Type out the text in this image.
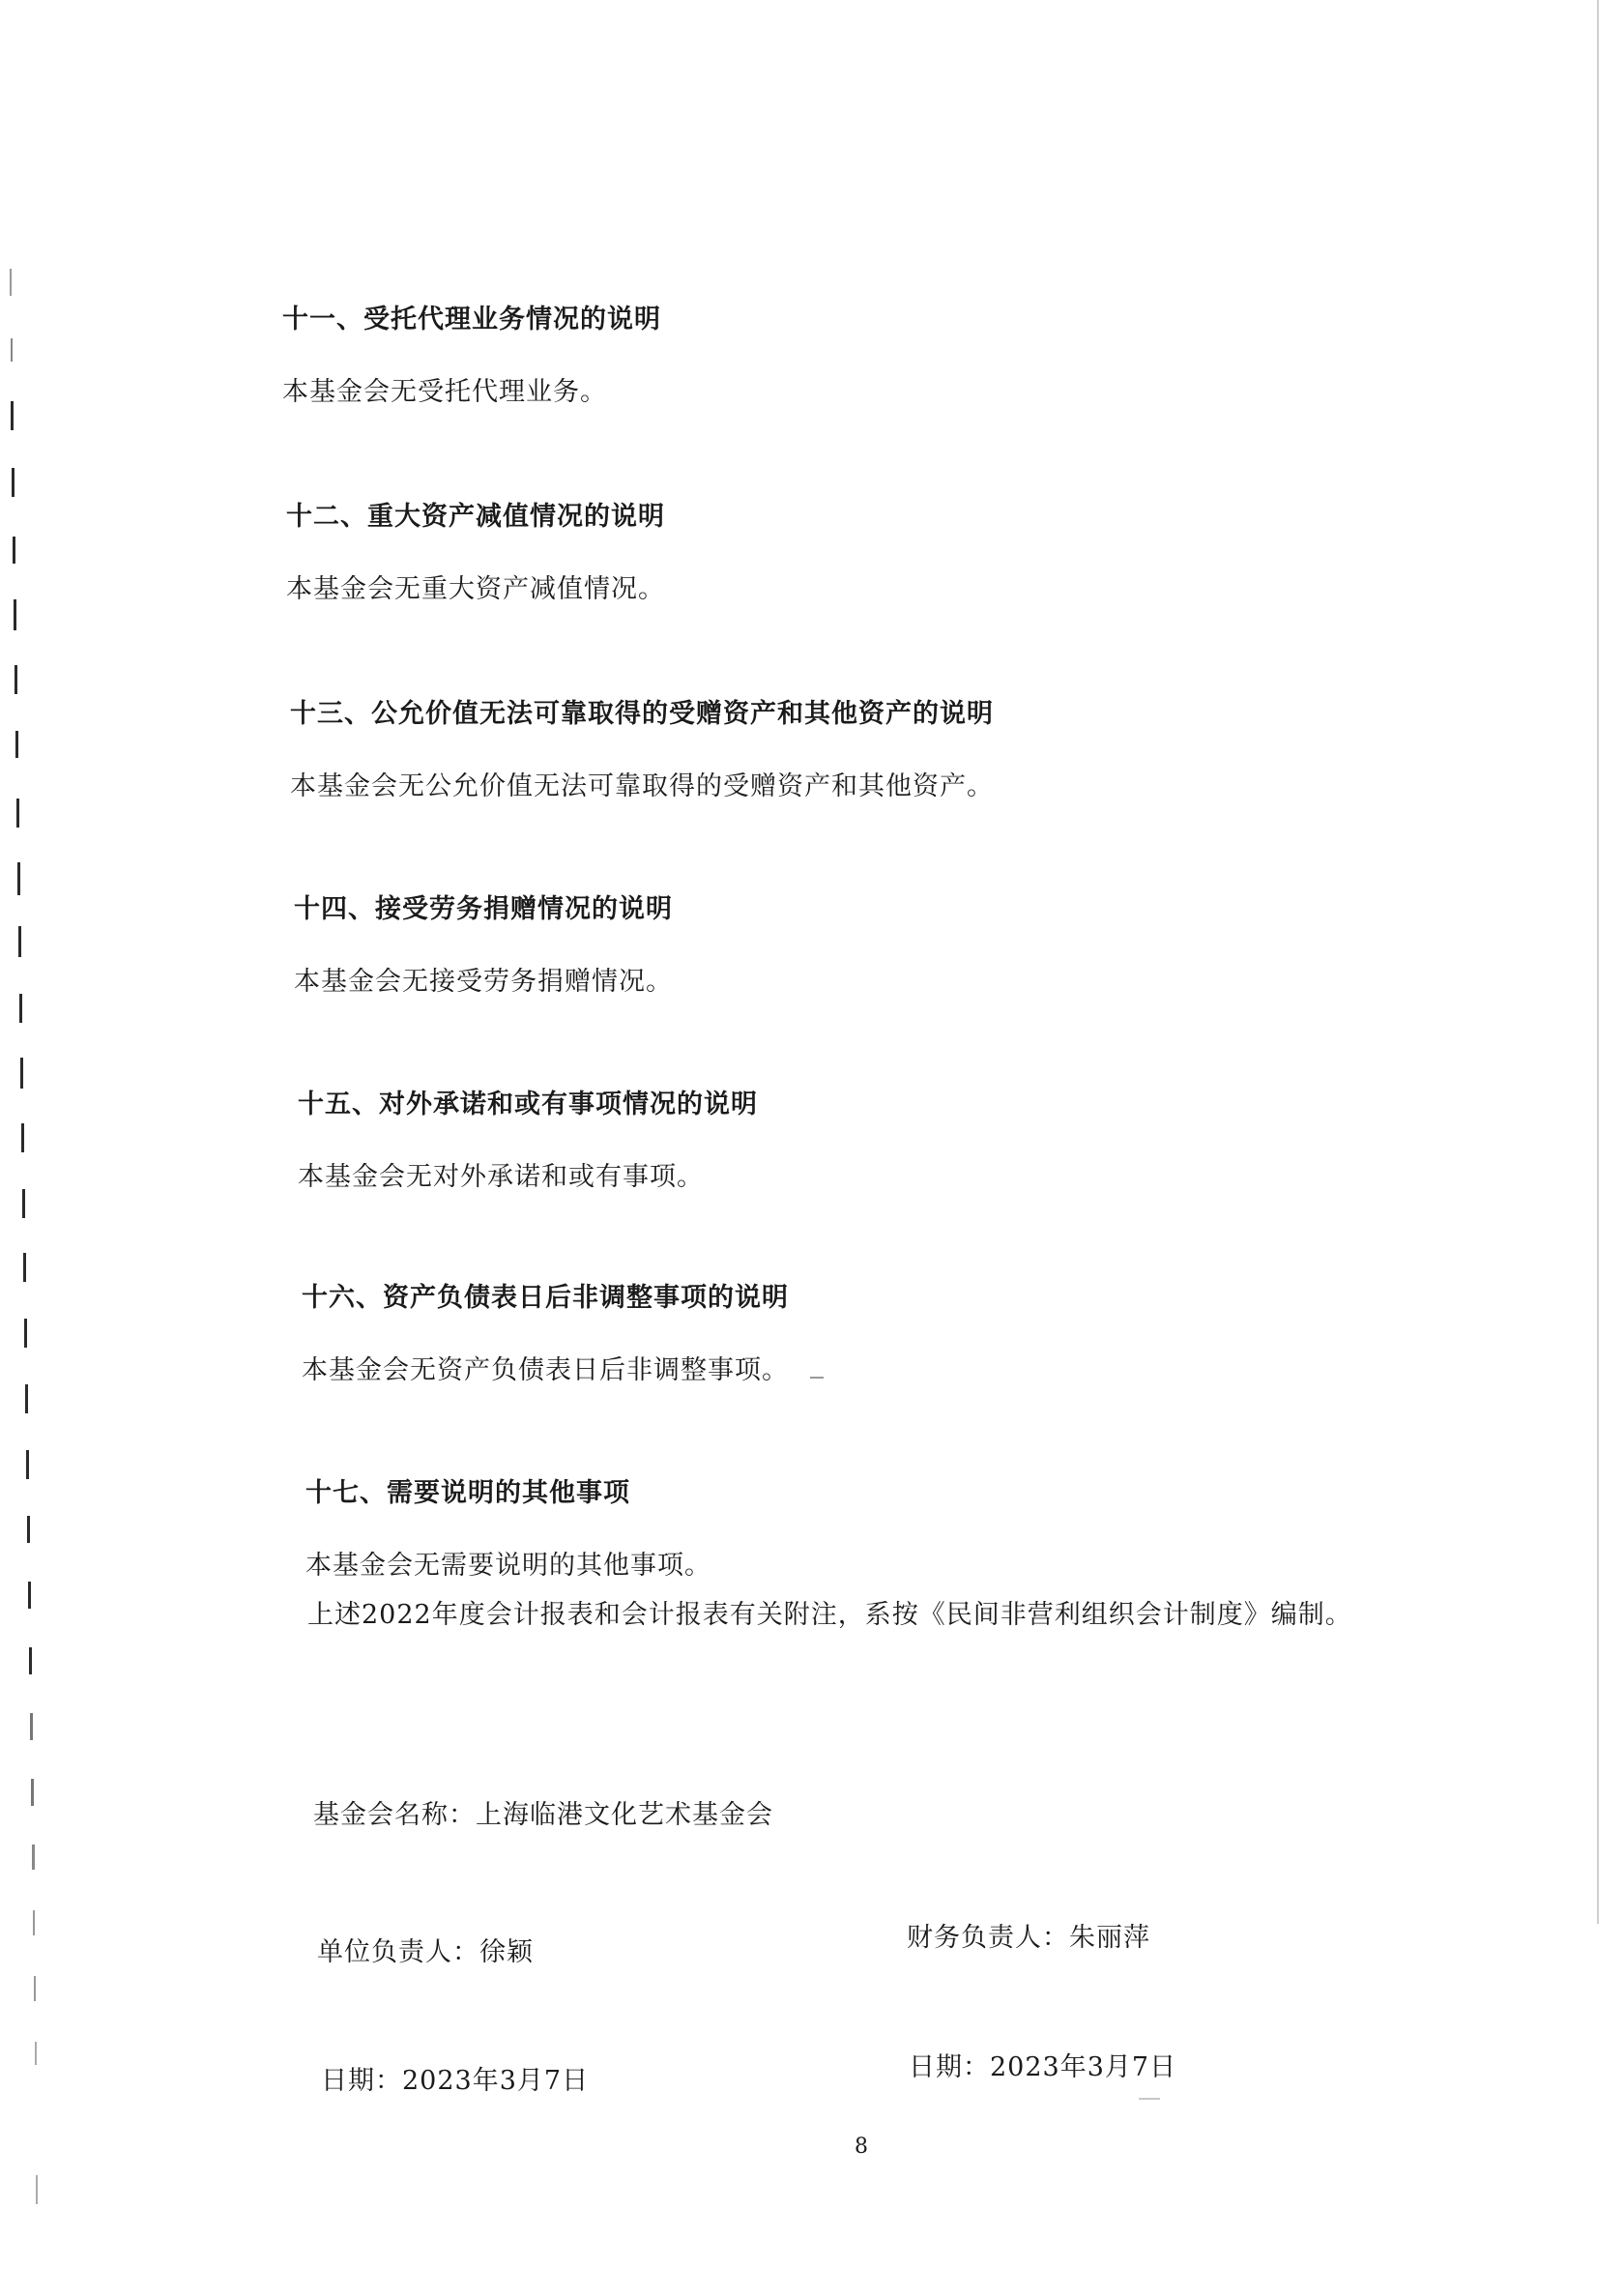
十一、受托代理业务情况的说明
本基金会无受托代理业务。
十二、重大资产减值情况的说明
本基金会无重大资产减值情况。
十三、公允价值无法可靠取得的受赠资产和其他资产的说明
本基金会无公允价值无法可靠取得的受赠资产和其他资产。
十四、接受劳务捐赠情况的说明
本基金会无接受劳务捐赠情况。
十五、对外承诺和或有事项情况的说明
本基金会无对外承诺和或有事项。
十六、资产负债表日后非调整事项的说明
本基金会无资产负债表日后非调整事项。
十七、需要说明的其他事项
本基金会无需要说明的其他事项。
上述2022年度会计报表和会计报表有关附注，系按《民间非营利组织会计制度》编制。
基金会名称：上海临港文化艺术基金会
单位负责人：徐颖	财务负责人：朱丽萍
日期：2023年3月7日	日期：2023年3月7日
8
